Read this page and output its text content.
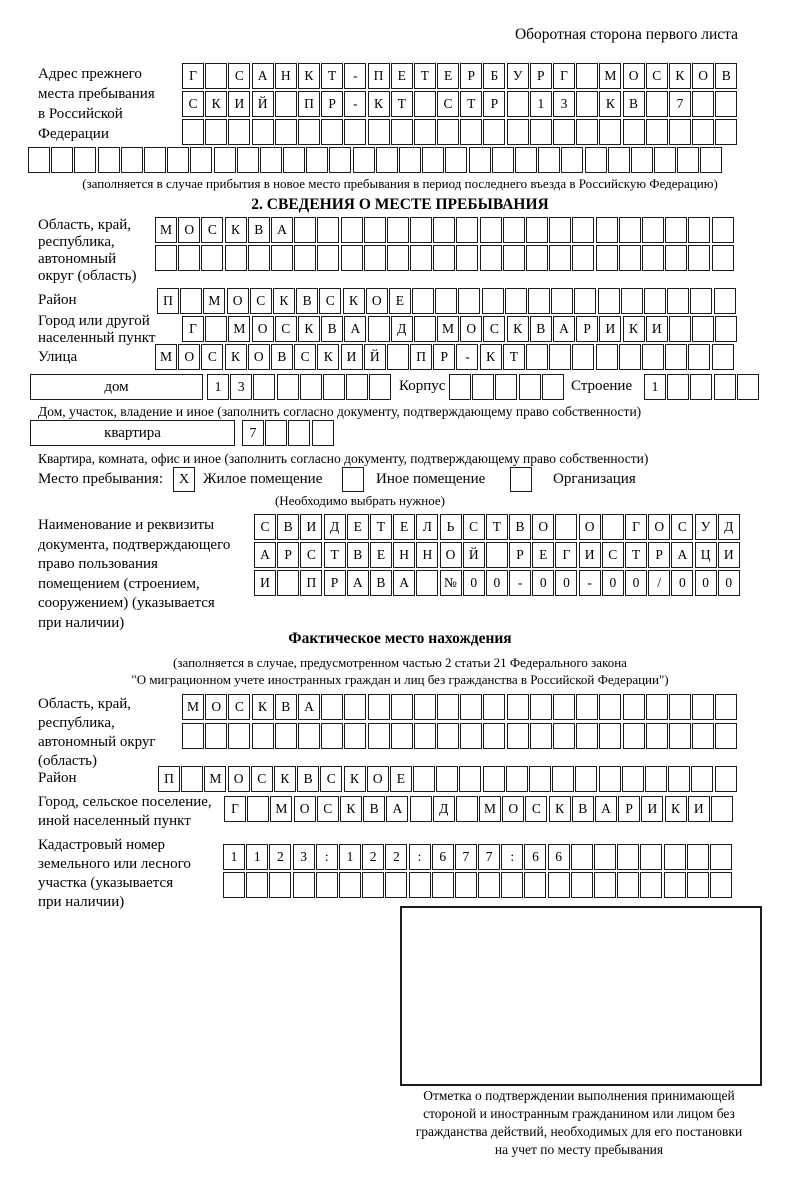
Оборотная сторона первого листа
Адрес прежнего
места пребывания
в Российской
Федерации
Г	С А Н К Т - П Е Т Е Р Б У Р Г	М О С К О В
С К И Й	П Р - К Т	С Т Р	1 3	К В	7
(заполняется в случае прибытия в новое место пребывания в период последнего въезда в Российскую Федерацию)
2. СВЕДЕНИЯ О МЕСТЕ ПРЕБЫВАНИЯ
Область, край,
республика,
автономный
округ (область)
М О С К В А
Район	П	М О С К В С К О Е
Город или другой
населенный пункт
Г	М О С К В А	Д	М О С К В А Р И К И
Улица	М О С К О В С К И Й	П Р - К Т
дом	1 3	Корпус	Строение	1
Дом, участок, владение и иное (заполнить согласно документу, подтверждающему право собственности)
квартира	7
Квартира, комната, офис и иное (заполнить согласно документу, подтверждающему право собственности)
Место пребывания:	X Жилое помещение	Иное помещение	Организация
(Необходимо выбрать нужное)
Наименование и реквизиты
документа, подтверждающего
право пользования
помещением (строением,
сооружением) (указывается
при наличии)
С В И Д Е Т Е Л Ь С Т В О	О	Г О С У Д
А Р С Т В Е Н Н О Й	Р Е Г И С Т Р А Ц И
И	П Р А В А	№ 0 0 - 0 0 - 0 0 / 0 0 0
Фактическое место нахождения
(заполняется в случае, предусмотренном частью 2 статьи 21 Федерального закона
"О миграционном учете иностранных граждан и лиц без гражданства в Российской Федерации")
Область, край,
республика,
автономный округ
(область)
М О С К В А
Район	П	М О С К В С К О Е
Город, сельское поселение,
иной населенный пункт
Г	М О С К В А	Д	М О С К В А Р И К И
Кадастровый номер
земельного или лесного
участка (указывается
при наличии)
1 1 2 3 : 1 2 2 : 6 7 7 : 6 6
Отметка о подтверждении выполнения принимающей
стороной и иностранным гражданином или лицом без
гражданства действий, необходимых для его постановки
на учет по месту пребывания
